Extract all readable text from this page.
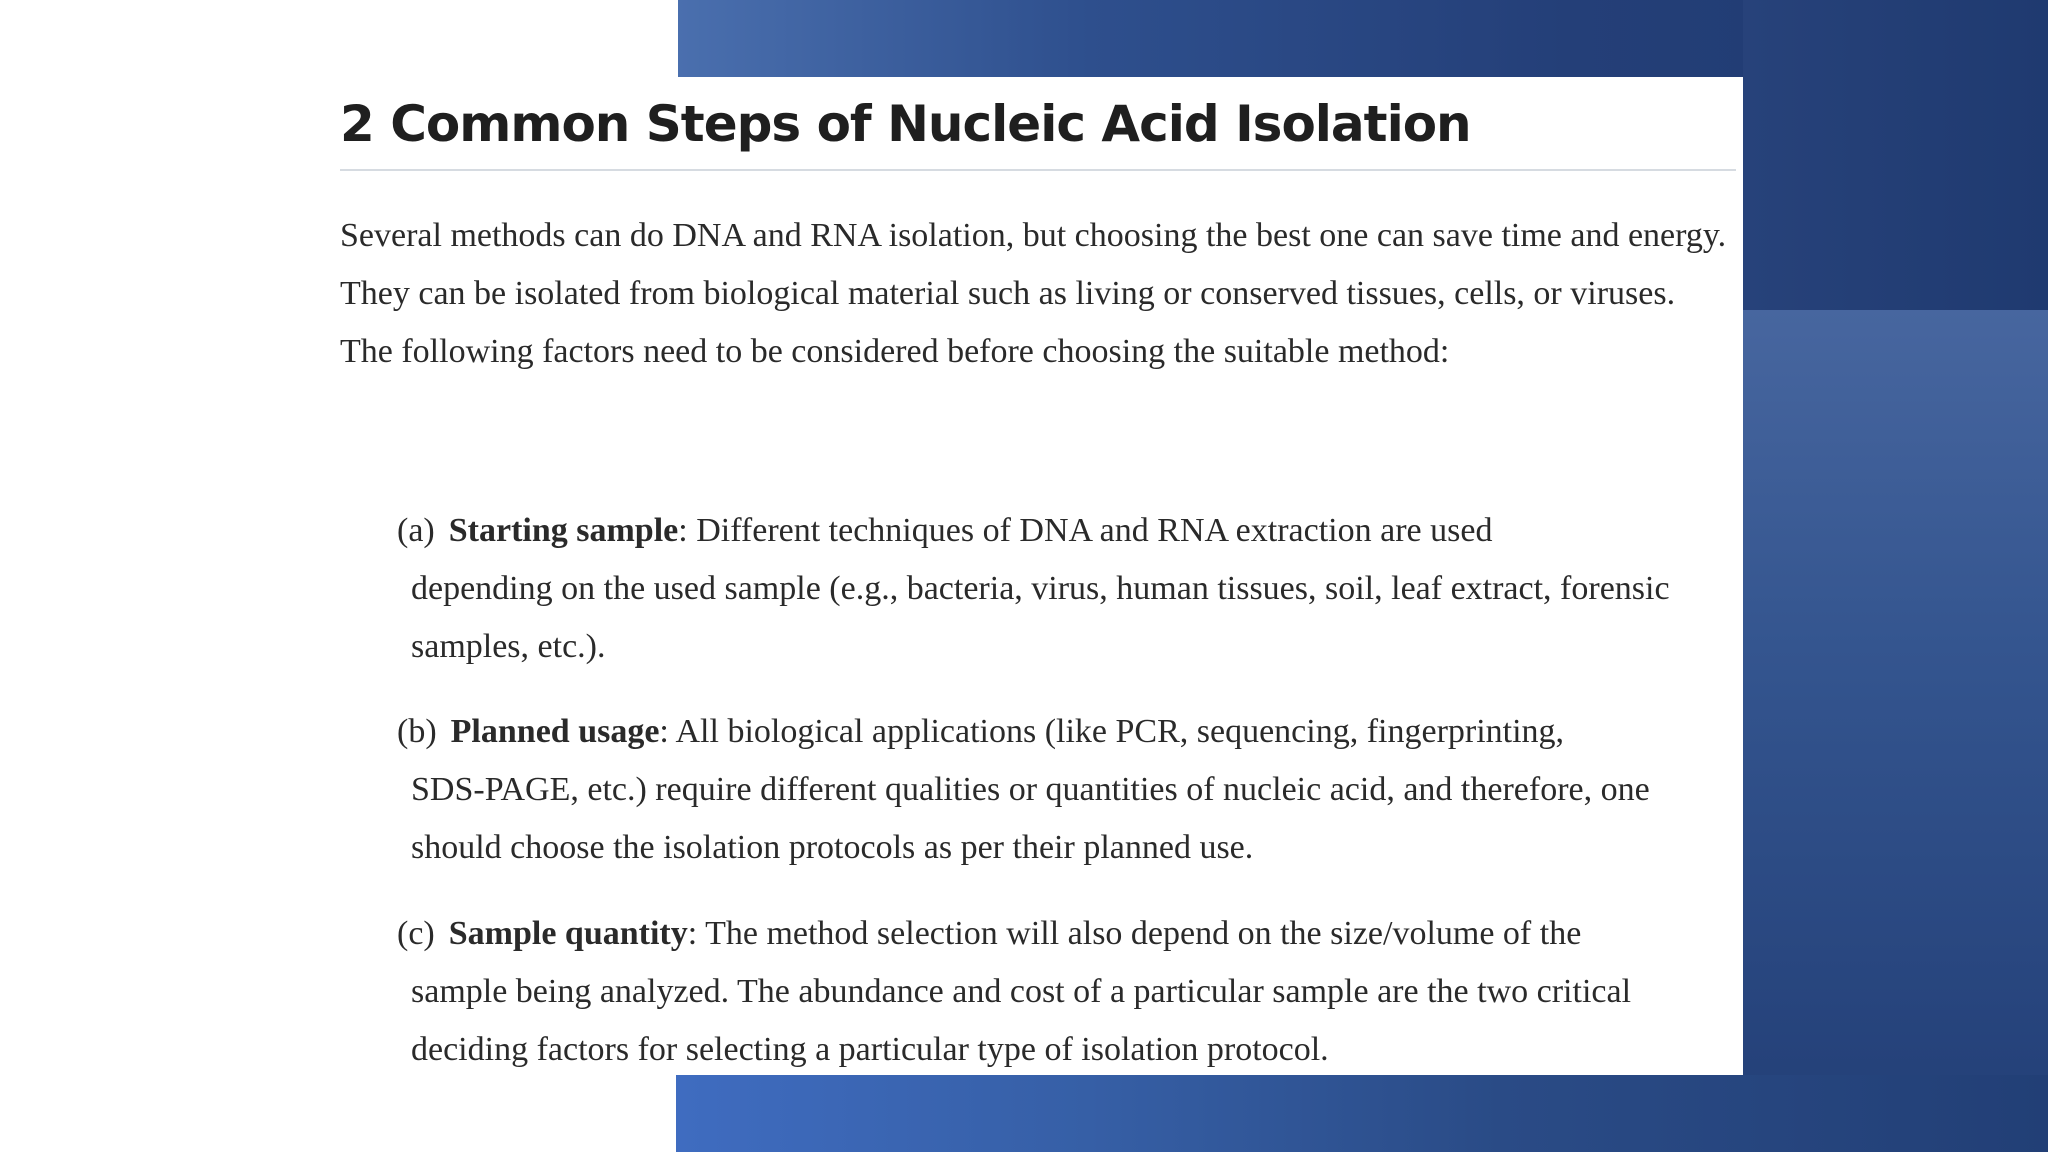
2 Common Steps of Nucleic Acid Isolation

Several methods can do DNA and RNA isolation, but choosing the best one can save time and energy. They can be isolated from biological material such as living or conserved tissues, cells, or viruses. The following factors need to be considered before choosing the suitable method:

(a) Starting sample: Different techniques of DNA and RNA extraction are used
depending on the used sample (e.g., bacteria, virus, human tissues, soil, leaf extract, forensic samples, etc.).
(b) Planned usage: All biological applications (like PCR, sequencing, fingerprinting,
SDS-PAGE, etc.) require different qualities or quantities of nucleic acid, and therefore, one should choose the isolation protocols as per their planned use.
(c) Sample quantity: The method selection will also depend on the size/volume of the
sample being analyzed. The abundance and cost of a particular sample are the two critical deciding factors for selecting a particular type of isolation protocol.
